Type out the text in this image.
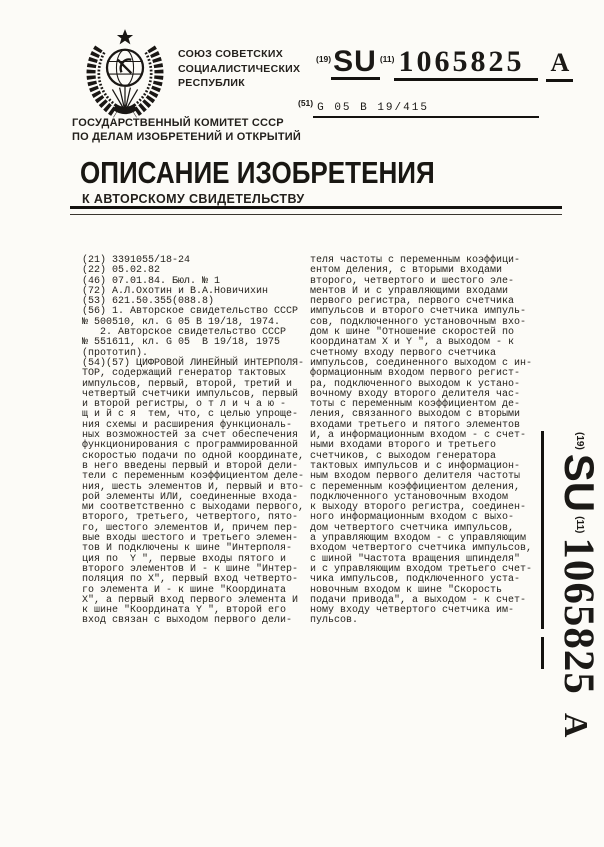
СОЮЗ СОВЕТСКИХ
СОЦИАЛИСТИЧЕСКИХ
РЕСПУБЛИК
ГОСУДАРСТВЕННЫЙ КОМИТЕТ СССР
ПО ДЕЛАМ ИЗОБРЕТЕНИЙ И ОТКРЫТИЙ
$^{(19)}$SU $^{(11)}$ 1065825 A
$^{(51)}$ G 05 B 19/415
ОПИСАНИЕ ИЗОБРЕТЕНИЯ
К АВТОРСКОМУ СВИДЕТЕЛЬСТВУ
(21) 3391055/18-24
(22) 05.02.82
(46) 07.01.84. Бюл. № 1
(72) А.Л.Охотин и В.А.Новичихин
(53) 621.50.355(088.8)
(56) 1. Авторское свидетельство СССР
№ 500510, кл. G 05 B 19/18, 1974.
2. Авторское свидетельство СССР
№ 551611, кл. G 05  B 19/18, 1975
(прототип).
(54)(57) ЦИФРОВОЙ ЛИНЕЙНЫЙ ИНТЕРПОЛЯ-
ТОР, содержащий генератор тактовых
импульсов, первый, второй, третий и
четвертый счетчики импульсов, первый
и второй регистры, о т л и ч а ю -
щ и й с я  тем, что, с целью упроще-
ния схемы и расширения функциональ-
ных возможностей за счет обеспечения
функционирования с программированной
скоростью подачи по одной координате,
в него введены первый и второй дели-
тели с переменным коэффициентом деле-
ния, шесть элементов И, первый и вто-
рой элементы ИЛИ, соединенные входа-
ми соответственно с выходами первого,
второго, третьего, четвертого, пято-
го, шестого элементов И, причем пер-
вые входы шестого и третьего элемен-
тов И подключены к шине "Интерполя-
ция по  Y ", первые входы пятого и
второго элементов И - к шине "Интер-
поляция по X", первый вход четверто-
го элемента И - к шине "Координата
X", а первый вход первого элемента И
к шине "Координата Y ", второй его
вход связан с выходом первого дели-
теля частоты с переменным коэффици-
ентом деления, с вторыми входами
второго, четвертого и шестого эле-
ментов И и с управляющими входами
первого регистра, первого счетчика
импульсов и второго счетчика импуль-
сов, подключенного установочным вхо-
дом к шине "Отношение скоростей по
координатам X и Y ", а выходом - к
счетному входу первого счетчика
импульсов, соединенного выходом с ин-
формационным входом первого регист-
ра, подключенного выходом к устано-
вочному входу второго делителя час-
тоты с переменным коэффициентом де-
ления, связанного выходом с вторыми
входами третьего и пятого элементов
И, а информационным входом - с счет-
ными входами второго и третьего
счетчиков, с выходом генератора
тактовых импульсов и с информацион-
ным входом первого делителя частоты
с переменным коэффициентом деления,
подключенного установочным входом
к выходу второго регистра, соединен-
ного информационным входом с выхо-
дом четвертого счетчика импульсов,
а управляющим входом - с управляющим
входом четвертого счетчика импульсов,
с шиной "Частота вращения шпинделя"
и с управляющим входом третьего счет-
чика импульсов, подключенного уста-
новочным входом к шине "Скорость
подачи привода", а выходом - к счет-
ному входу четвертого счетчика им-
пульсов.
$^{(19)}$SU$^{(11)}$1065825A
